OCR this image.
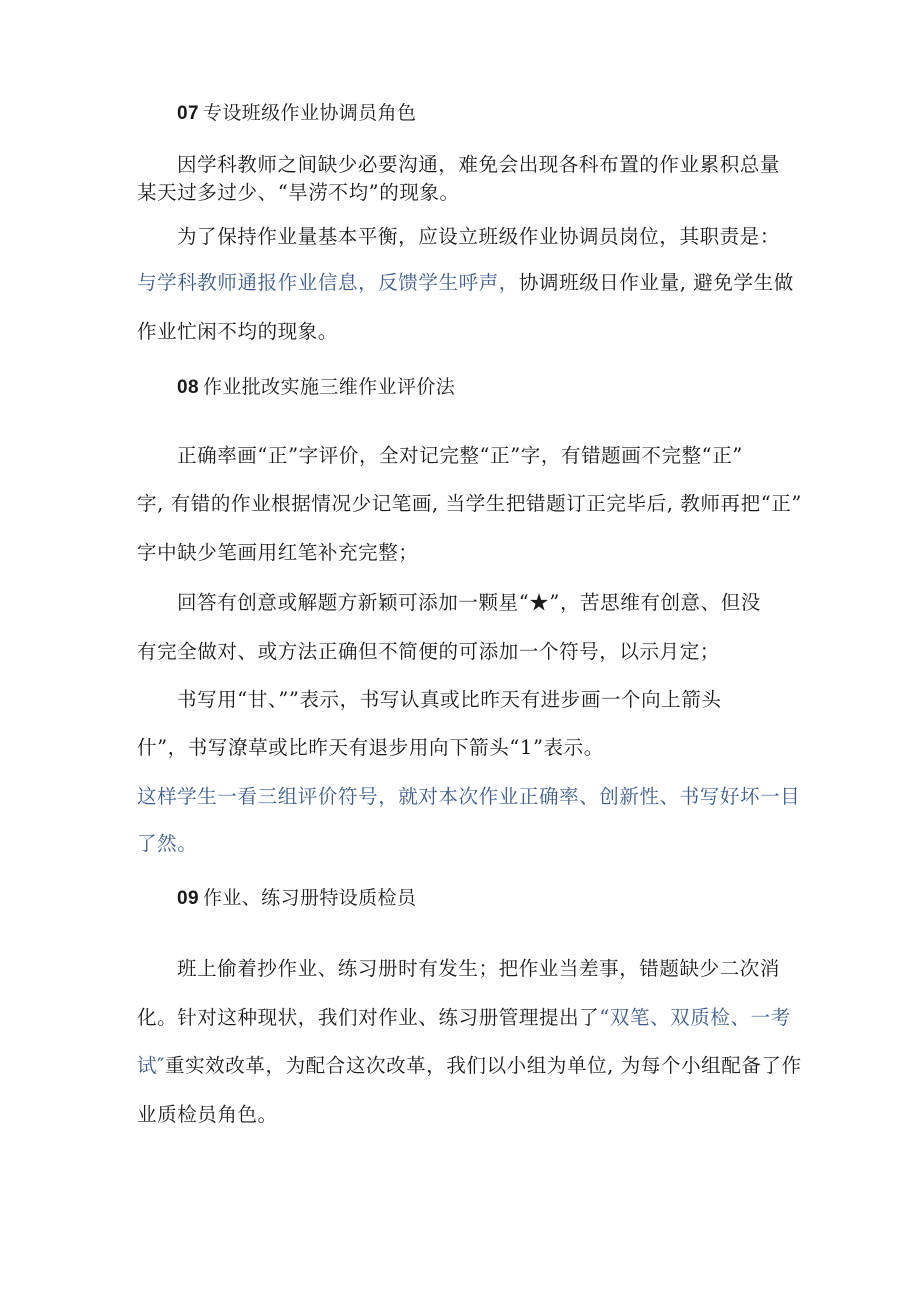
07 专设班级作业协调员角色
因学科教师之间缺少必要沟通，难免会出现各科布置的作业累积总量
某天过多过少、“旱涝不均”的现象。
为了保持作业量基本平衡，应设立班级作业协调员岗位，其职责是：
与学科教师通报作业信息，反馈学生呼声，协调班级日作业量, 避免学生做
作业忙闲不均的现象。
08 作业批改实施三维作业评价法
正确率画“正”字评价，全对记完整“正”字，有错题画不完整“正”
字, 有错的作业根据情况少记笔画, 当学生把错题订正完毕后, 教师再把“正”
字中缺少笔画用红笔补充完整；
回答有创意或解题方新颖可添加一颗星“★”，苦思维有创意、但没
有完全做对、或方法正确但不简便的可添加一个符号，以示月定；
书写用“甘、””表示，书写认真或比昨天有进步画一个向上箭头
什”，书写潦草或比昨天有退步用向下箭头“1”表示。
这样学生一看三组评价符号，就对本次作业正确率、创新性、书写好坏一目
了然。
09 作业、练习册特设质检员
班上偷着抄作业、练习册时有发生；把作业当差事，错题缺少二次消
化。针对这种现状，我们对作业、练习册管理提出了“双笔、双质检、一考
试″重实效改革，为配合这次改革，我们以小组为单位, 为每个小组配备了作
业质检员角色。
